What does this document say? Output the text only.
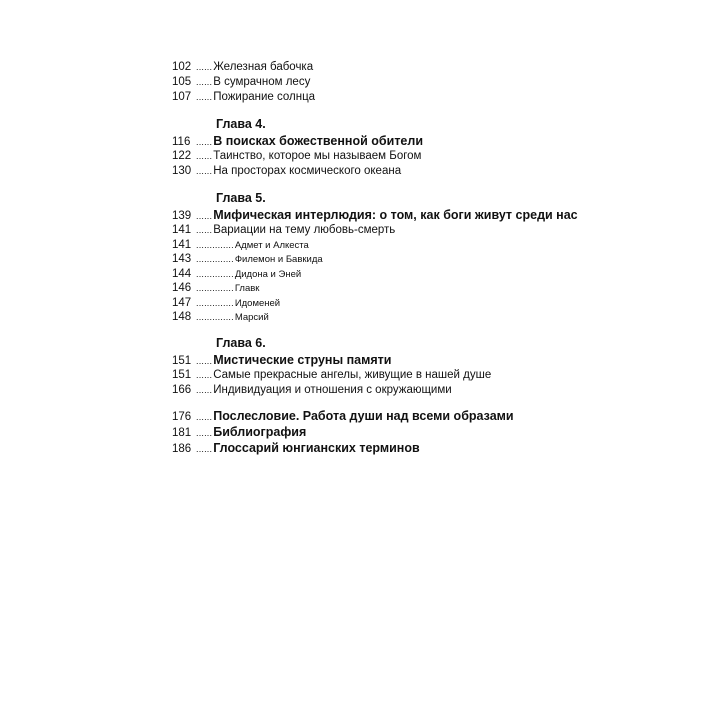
102 ...... Железная бабочка
105 ...... В сумрачном лесу
107 ...... Пожирание солнца
Глава 4.
116 ...... В поисках божественной обители
122 ...... Таинство, которое мы называем Богом
130 ...... На просторах космического океана
Глава 5.
139 ...... Мифическая интерлюдия: о том, как боги живут среди нас
141 ...... Вариации на тему любовь-смерть
141 .............. Адмет и Алкеста
143 .............. Филемон и Бавкида
144 .............. Дидона и Эней
146 .............. Главк
147 .............. Идоменей
148 .............. Марсий
Глава 6.
151 ...... Мистические струны памяти
151 ...... Самые прекрасные ангелы, живущие в нашей душе
166 ...... Индивидуация и отношения с окружающими
176 ...... Послесловие. Работа души над всеми образами
181 ...... Библиография
186 ...... Глоссарий юнгианских терминов
